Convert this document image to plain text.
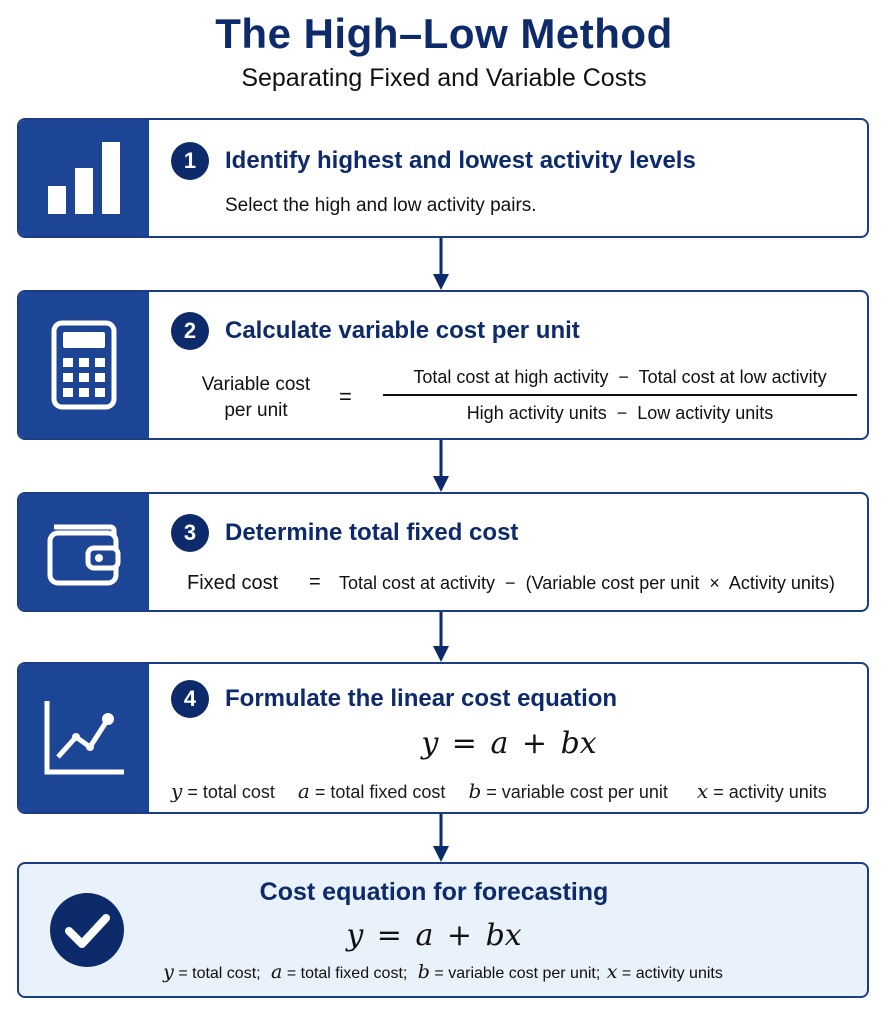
The High–Low Method
Separating Fixed and Variable Costs
1	Identify highest and lowest activity levels
Select the high and low activity pairs.
2	Calculate variable cost per unit
Variable cost
per unit
=
Total cost at high activity  −  Total cost at low activity
High activity units  −  Low activity units
3	Determine total fixed cost
Fixed cost = Total cost at activity  −  (Variable cost per unit  ×  Activity units)
4	Formulate the linear cost equation
y = a + bx
y = total cost a = total fixed cost b = variable cost per unit x = activity units
Cost equation for forecasting
y = a + bx
y = total cost; a = total fixed cost; b = variable cost per unit; x = activity units
